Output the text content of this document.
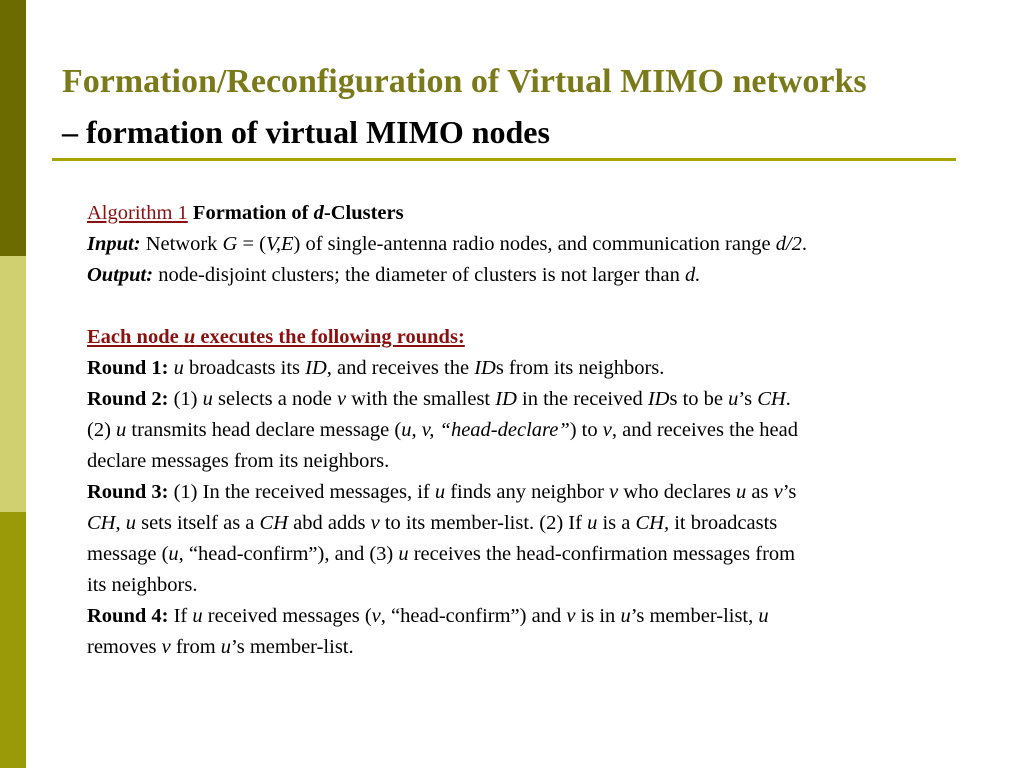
Formation/Reconfiguration of Virtual MIMO networks
– formation of virtual MIMO nodes
Algorithm 1 Formation of d-Clusters
Input: Network G = (V,E) of single-antenna radio nodes, and communication range d/2.
Output: node-disjoint clusters; the diameter of clusters is not larger than d.
Each node u executes the following rounds:
Round 1: u broadcasts its ID, and receives the IDs from its neighbors.
Round 2: (1) u selects a node v with the smallest ID in the received IDs to be u’s CH.
(2) u transmits head declare message (u, v, “head-declare”) to v, and receives the head
declare messages from its neighbors.
Round 3: (1) In the received messages, if u finds any neighbor v who declares u as v’s
CH, u sets itself as a CH abd adds v to its member-list. (2) If u is a CH, it broadcasts
message (u, “head-confirm”), and (3) u receives the head-confirmation messages from
its neighbors.
Round 4: If u received messages (v, “head-confirm”) and v is in u’s member-list, u
removes v from u’s member-list.
